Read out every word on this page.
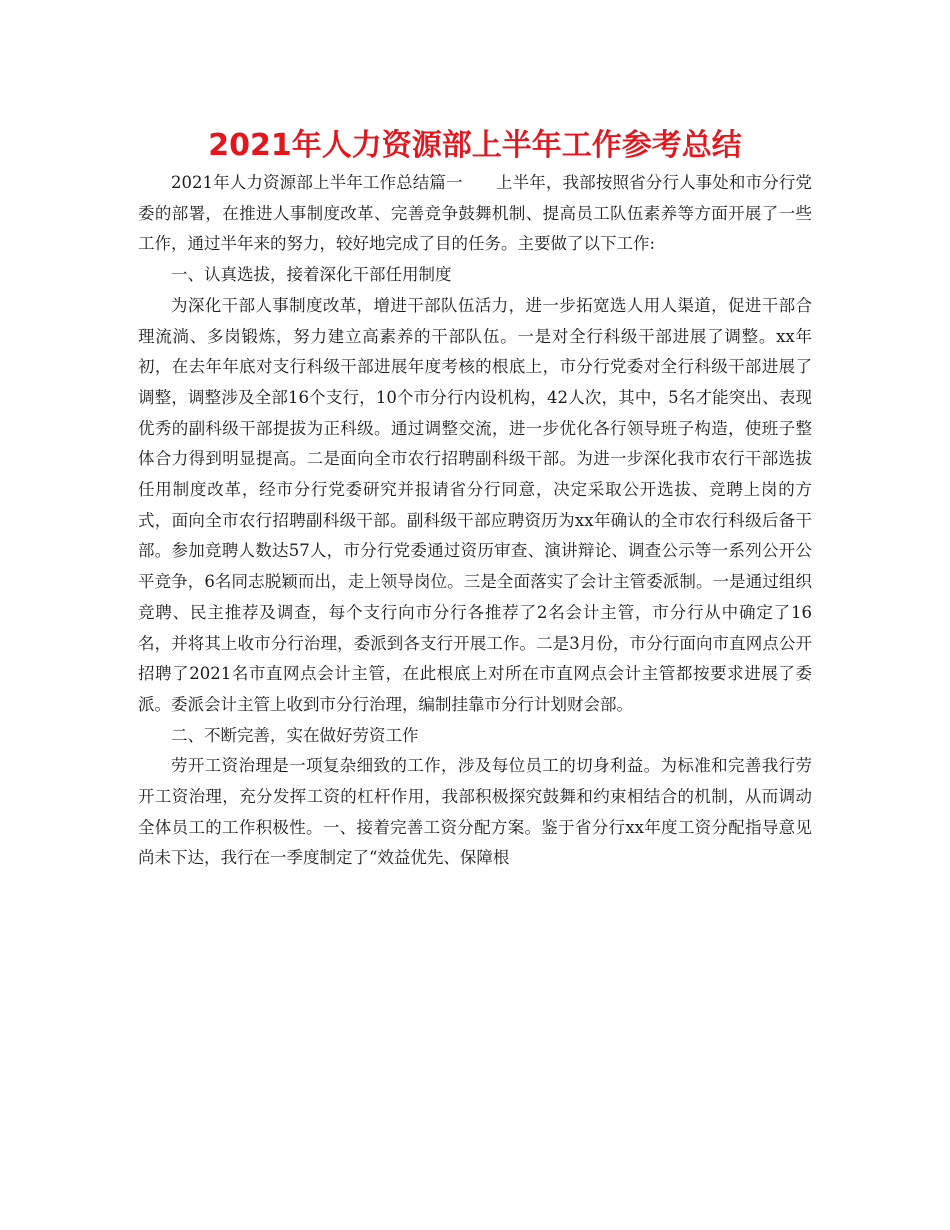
2021年人力资源部上半年工作参考总结

2021年人力资源部上半年工作总结篇一　　上半年，我部按照省分行人事处和市分行党委的部署，在推进人事制度改革、完善竞争鼓舞机制、提高员工队伍素养等方面开展了一些工作，通过半年来的努力，较好地完成了目的任务。主要做了以下工作:

一、认真选拔，接着深化干部任用制度

为深化干部人事制度改革，增进干部队伍活力，进一步拓宽选人用人渠道，促进干部合理流淌、多岗锻炼，努力建立高素养的干部队伍。一是对全行科级干部进展了调整。xx年初，在去年年底对支行科级干部进展年度考核的根底上，市分行党委对全行科级干部进展了调整，调整涉及全部16个支行，10个市分行内设机构，42人次，其中，5名才能突出、表现优秀的副科级干部提拔为正科级。通过调整交流，进一步优化各行领导班子构造，使班子整体合力得到明显提高。二是面向全市农行招聘副科级干部。为进一步深化我市农行干部选拔任用制度改革，经市分行党委研究并报请省分行同意，决定采取公开选拔、竞聘上岗的方式，面向全市农行招聘副科级干部。副科级干部应聘资历为xx年确认的全市农行科级后备干部。参加竞聘人数达57人，市分行党委通过资历审查、演讲辩论、调查公示等一系列公开公平竞争，6名同志脱颖而出，走上领导岗位。三是全面落实了会计主管委派制。一是通过组织竞聘、民主推荐及调查，每个支行向市分行各推荐了2名会计主管，市分行从中确定了16名，并将其上收市分行治理，委派到各支行开展工作。二是3月份，市分行面向市直网点公开招聘了2021名市直网点会计主管，在此根底上对所在市直网点会计主管都按要求进展了委派。委派会计主管上收到市分行治理，编制挂靠市分行计划财会部。

二、不断完善，实在做好劳资工作

劳开工资治理是一项复杂细致的工作，涉及每位员工的切身利益。为标准和完善我行劳开工资治理，充分发挥工资的杠杆作用，我部积极探究鼓舞和约束相结合的机制，从而调动全体员工的工作积极性。一、接着完善工资分配方案。鉴于省分行xx年度工资分配指导意见尚未下达，我行在一季度制定了“效益优先、保障根
